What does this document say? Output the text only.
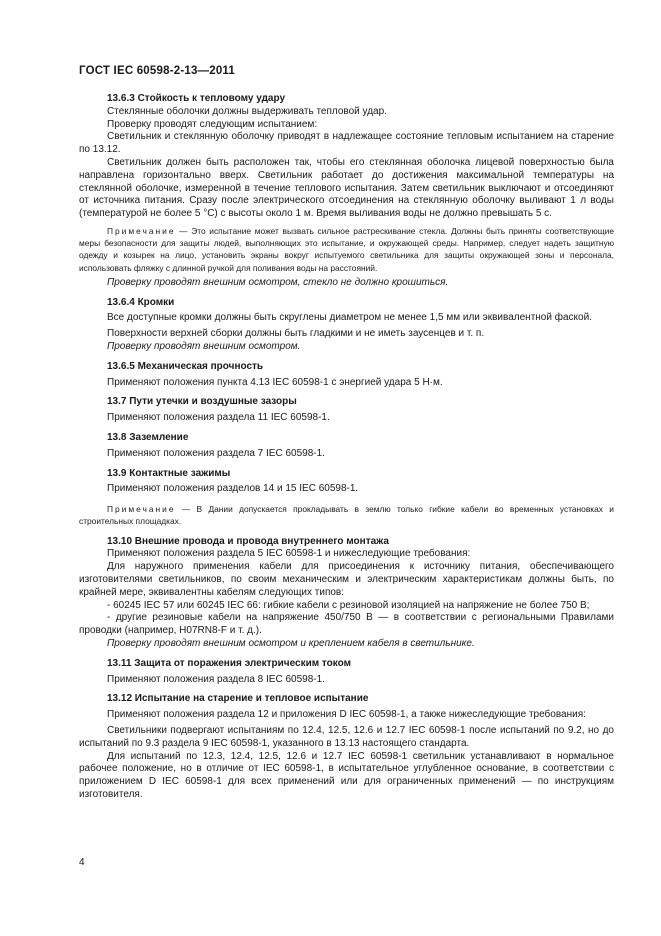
ГОСТ IEC 60598-2-13—2011

13.6.3 Стойкость к тепловому удару

Стеклянные оболочки должны выдерживать тепловой удар.

Проверку проводят следующим испытанием:

Светильник и стеклянную оболочку приводят в надлежащее состояние тепловым испытанием на старение по 13.12.

Светильник должен быть расположен так, чтобы его стеклянная оболочка лицевой поверхностью была направлена горизонтально вверх. Светильник работает до достижения максимальной температуры на стеклянной оболочке, измеренной в течение теплового испытания. Затем светильник выключают и отсоединяют от источника питания. Сразу после электрического отсоединения на стеклянную оболочку выливают 1 л воды (температурой не более 5 °С) с высоты около 1 м. Время выливания воды не должно превышать 5 с.

Примечание — Это испытание может вызвать сильное растрескивание стекла. Должны быть приняты соответствующие меры безопасности для защиты людей, выполняющих это испытание, и окружающей среды. Например, следует надеть защитную одежду и козырек на лицо, установить экраны вокруг испытуемого светильника для защиты окружающей зоны и персонала, использовать фляжку с длинной ручкой для поливания воды на расстояний.

Проверку проводят внешним осмотром, стекло не должно крошиться.

13.6.4 Кромки

Все доступные кромки должны быть скруглены диаметром не менее 1,5 мм или эквивалентной фаской.

Поверхности верхней сборки должны быть гладкими и не иметь заусенцев и т. п.

Проверку проводят внешним осмотром.

13.6.5 Механическая прочность

Применяют положения пункта 4.13 IEC 60598-1 с энергией удара 5 Н·м.

13.7 Пути утечки и воздушные зазоры

Применяют положения раздела 11 IEC 60598-1.

13.8 Заземление

Применяют положения раздела 7 IEC 60598-1.

13.9 Контактные зажимы

Применяют положения разделов 14 и 15 IEC 60598-1.

Примечание — В Дании допускается прокладывать в землю только гибкие кабели во временных установках и строительных площадках.

13.10 Внешние провода и провода внутреннего монтажа

Применяют положения раздела 5 IEC 60598-1 и нижеследующие требования:

Для наружного применения кабели для присоединения к источнику питания, обеспечивающего изготовителями светильников, по своим механическим и электрическим характеристикам должны быть, по крайней мере, эквивалентны кабелям следующих типов:

- 60245 IEC 57 или 60245 IEC 66: гибкие кабели с резиновой изоляцией на напряжение не более 750 В;

- другие резиновые кабели на напряжение 450/750 В — в соответствии с региональными Правилами проводки (например, H07RN8-F и т. д.).

Проверку проводят внешним осмотром и креплением кабеля в светильнике.

13.11 Защита от поражения электрическим током

Применяют положения раздела 8 IEC 60598-1.

13.12 Испытание на старение и тепловое испытание

Применяют положения раздела 12 и приложения D IEC 60598-1, а также нижеследующие требования:

Светильники подвергают испытаниям по 12.4, 12.5, 12.6 и 12.7 IEC 60598-1 после испытаний по 9.2, но до испытаний по 9.3 раздела 9 IEC 60598-1, указанного в 13.13 настоящего стандарта.

Для испытаний по 12.3, 12.4, 12.5, 12.6 и 12.7 IEC 60598-1 светильник устанавливают в нормальное рабочее положение, но в отличие от IEC 60598-1, в испытательное углубленное основание, в соответствии с приложением D IEC 60598-1 для всех применений или для ограниченных применений — по инструкциям изготовителя.

4
